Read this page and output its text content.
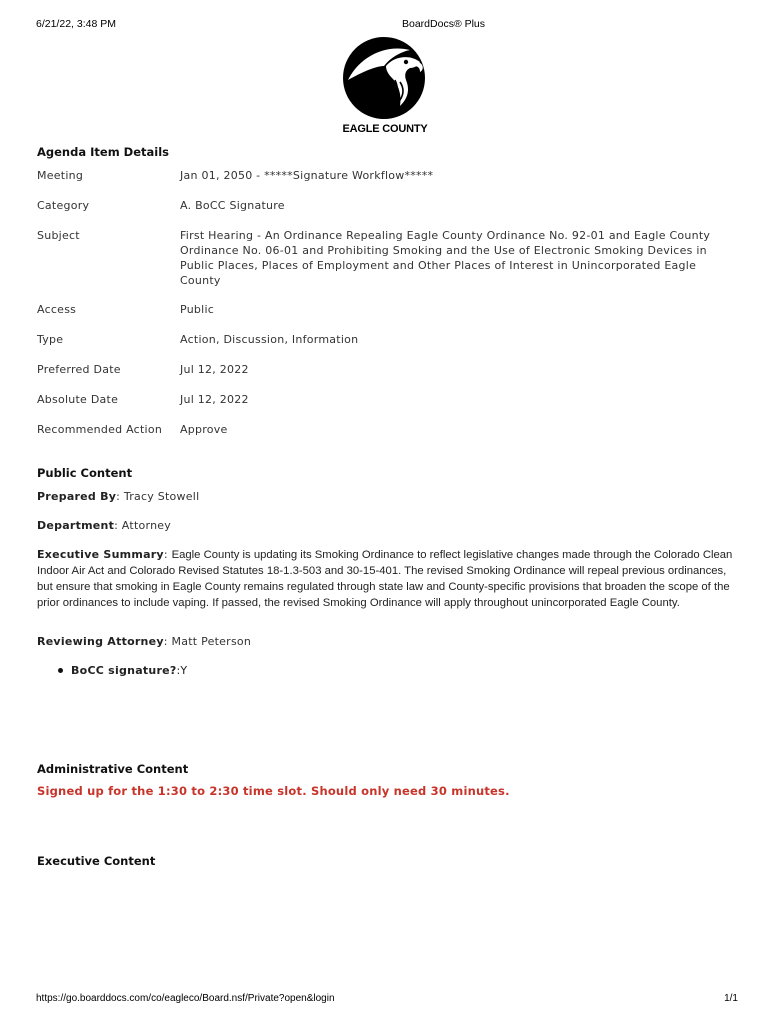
6/21/22, 3:48 PM	BoardDocs® Plus
EAGLE COUNTY
Agenda Item Details
Meeting	Jan 01, 2050 - *****Signature Workflow*****
Category	A. BoCC Signature
Subject	First Hearing - An Ordinance Repealing Eagle County Ordinance No. 92-01 and Eagle County Ordinance No. 06-01 and Prohibiting Smoking and the Use of Electronic Smoking Devices in Public Places, Places of Employment and Other Places of Interest in Unincorporated Eagle County
Access	Public
Type	Action, Discussion, Information
Preferred Date	Jul 12, 2022
Absolute Date	Jul 12, 2022
Recommended Action	Approve
Public Content
Prepared By: Tracy Stowell
Department: Attorney
Executive Summary: Eagle County is updating its Smoking Ordinance to reflect legislative changes made through the Colorado Clean Indoor Air Act and Colorado Revised Statutes 18-1.3-503 and 30-15-401. The revised Smoking Ordinance will repeal previous ordinances, but ensure that smoking in Eagle County remains regulated through state law and County-specific provisions that broaden the scope of the prior ordinances to include vaping. If passed, the revised Smoking Ordinance will apply throughout unincorporated Eagle County.
Reviewing Attorney: Matt Peterson
BoCC signature?:Y
Administrative Content
Signed up for the 1:30 to 2:30 time slot. Should only need 30 minutes.
Executive Content
https://go.boarddocs.com/co/eagleco/Board.nsf/Private?open&login	1/1
